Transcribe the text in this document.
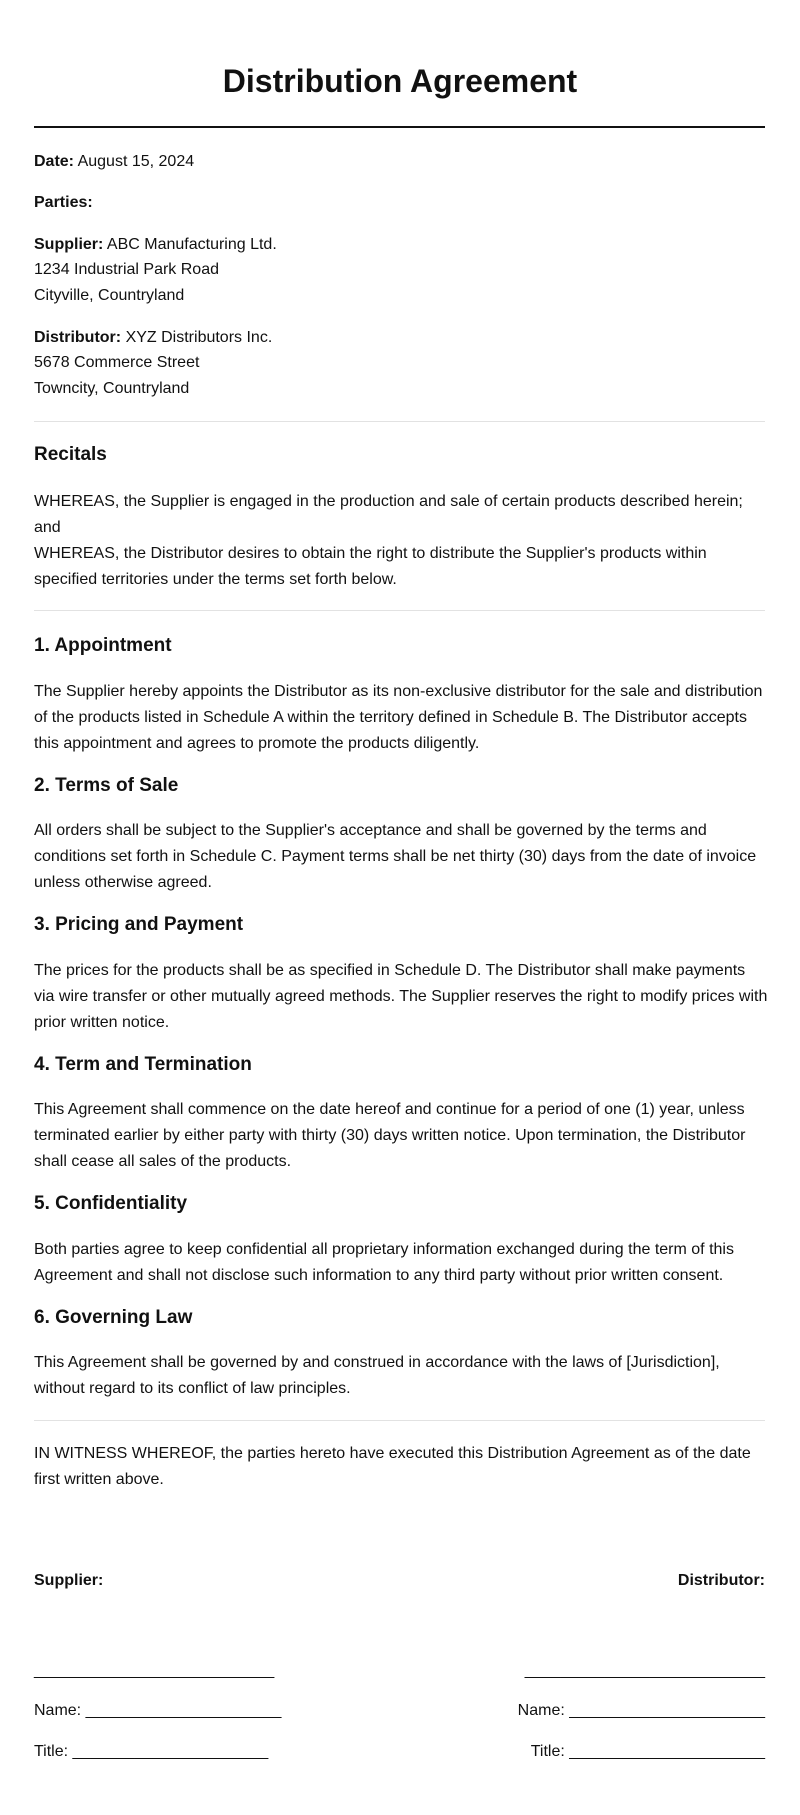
Distribution Agreement
Date: August 15, 2024
Parties:
Supplier: ABC Manufacturing Ltd.
1234 Industrial Park Road
Cityville, Countryland
Distributor: XYZ Distributors Inc.
5678 Commerce Street
Towncity, Countryland
Recitals

WHEREAS, the Supplier is engaged in the production and sale of certain products described herein; and
WHEREAS, the Distributor desires to obtain the right to distribute the Supplier's products within specified territories under the terms set forth below.

1. Appointment

The Supplier hereby appoints the Distributor as its non-exclusive distributor for the sale and distribution of the products listed in Schedule A within the territory defined in Schedule B. The Distributor accepts this appointment and agrees to promote the products diligently.

2. Terms of Sale

All orders shall be subject to the Supplier's acceptance and shall be governed by the terms and conditions set forth in Schedule C. Payment terms shall be net thirty (30) days from the date of invoice unless otherwise agreed.

3. Pricing and Payment

The prices for the products shall be as specified in Schedule D. The Distributor shall make payments via wire transfer or other mutually agreed methods. The Supplier reserves the right to modify prices with prior written notice.

4. Term and Termination

This Agreement shall commence on the date hereof and continue for a period of one (1) year, unless terminated earlier by either party with thirty (30) days written notice. Upon termination, the Distributor shall cease all sales of the products.

5. Confidentiality

Both parties agree to keep confidential all proprietary information exchanged during the term of this Agreement and shall not disclose such information to any third party without prior written consent.

6. Governing Law

This Agreement shall be governed by and construed in accordance with the laws of [Jurisdiction], without regard to its conflict of law principles.

IN WITNESS WHEREOF, the parties hereto have executed this Distribution Agreement as of the date first written above.

Supplier:	Distributor:
___________________________	___________________________
Name: ______________________	Name: ______________________
Title: ______________________	Title: ______________________
